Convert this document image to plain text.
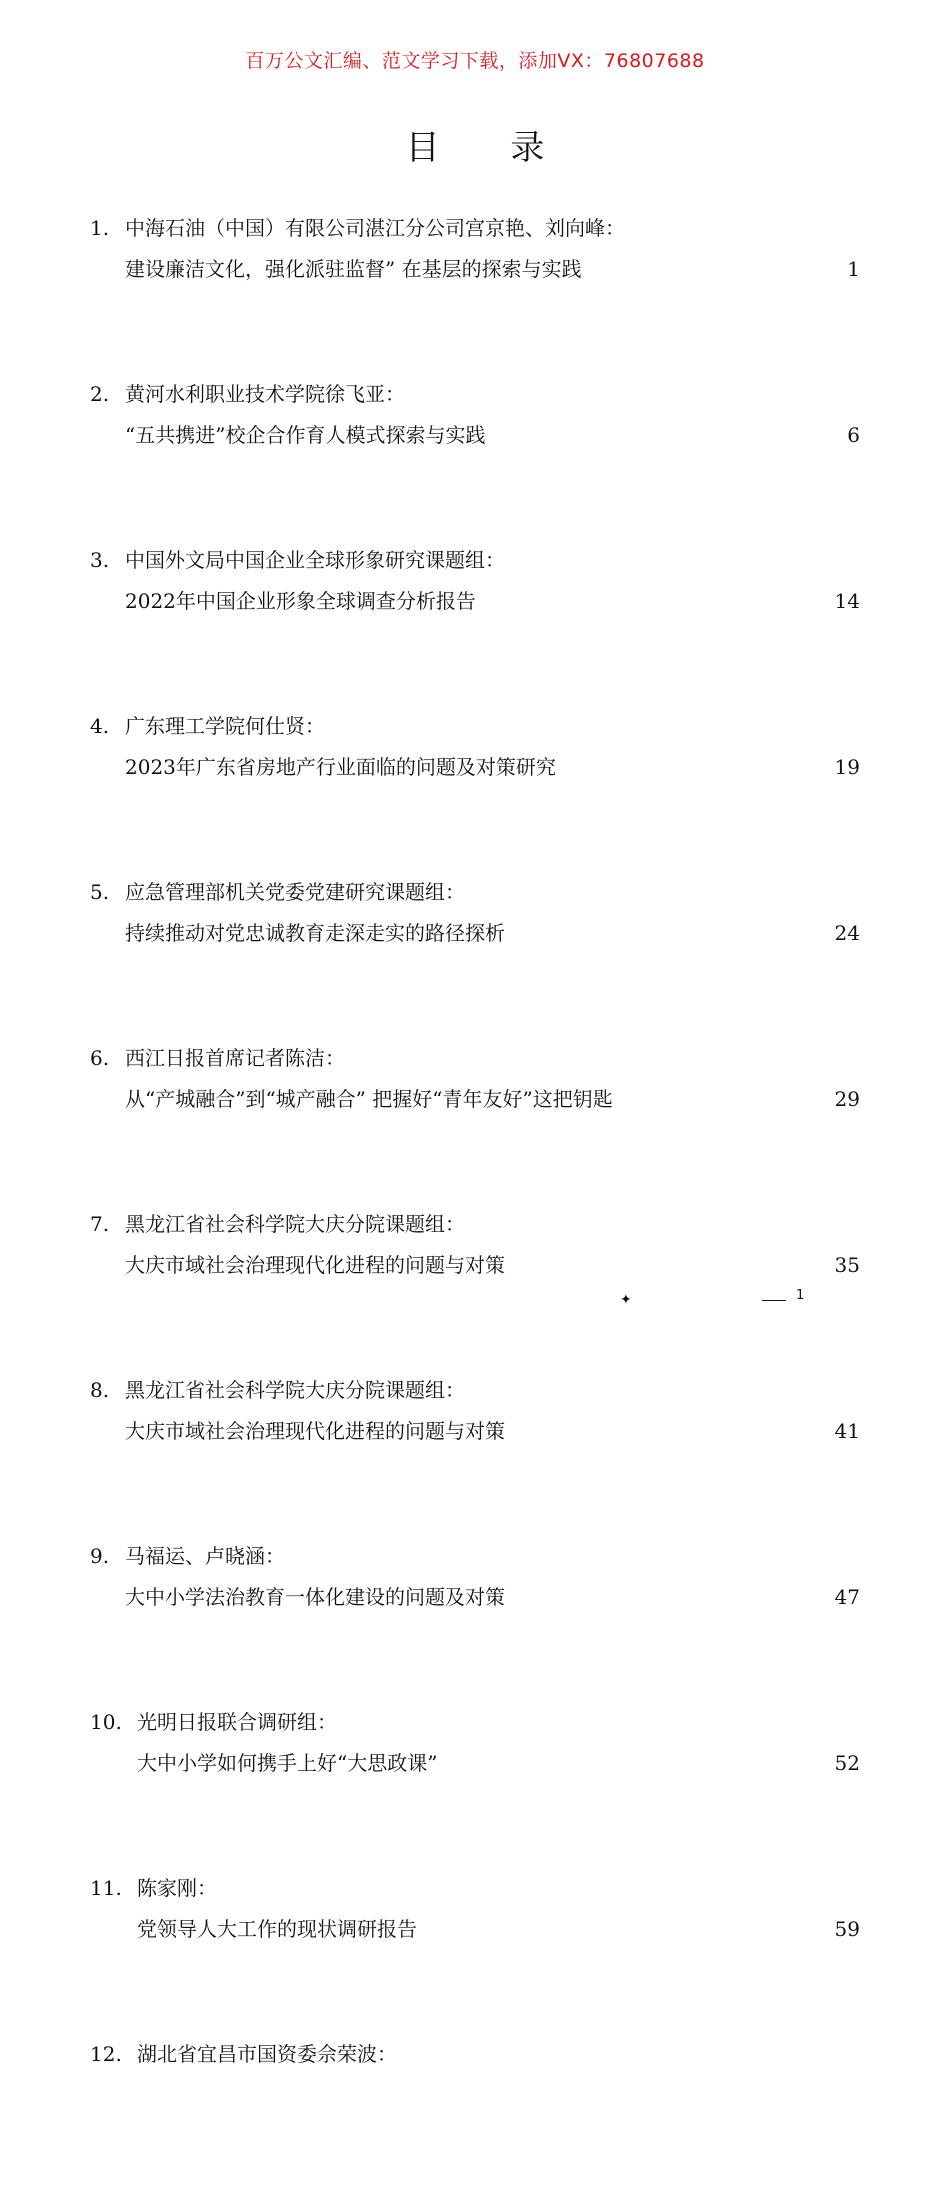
百万公文汇编、范文学习下载，添加VX：76807688
目 录
1. 中海石油（中国）有限公司湛江分公司宫京艳、刘向峰：
建设廉洁文化，强化派驻监督” 在基层的探索与实践	1
2. 黄河水利职业技术学院徐飞亚：
“五共携进”校企合作育人模式探索与实践	6
3. 中国外文局中国企业全球形象研究课题组：
2022年中国企业形象全球调查分析报告	14
4. 广东理工学院何仕贤：
2023年广东省房地产行业面临的问题及对策研究	19
5. 应急管理部机关党委党建研究课题组：
持续推动对党忠诚教育走深走实的路径探析	24
6. 西江日报首席记者陈洁：
从“产城融合”到“城产融合” 把握好“青年友好”这把钥匙	29
7. 黑龙江省社会科学院大庆分院课题组：
大庆市域社会治理现代化进程的问题与对策	35
8. 黑龙江省社会科学院大庆分院课题组：
大庆市域社会治理现代化进程的问题与对策	41
9. 马福运、卢晓涵：
大中小学法治教育一体化建设的问题及对策	47
10. 光明日报联合调研组：
大中小学如何携手上好“大思政课”	52
11. 陈家刚：
党领导人大工作的现状调研报告	59
12. 湖北省宜昌市国资委佘荣波：
✦	1
